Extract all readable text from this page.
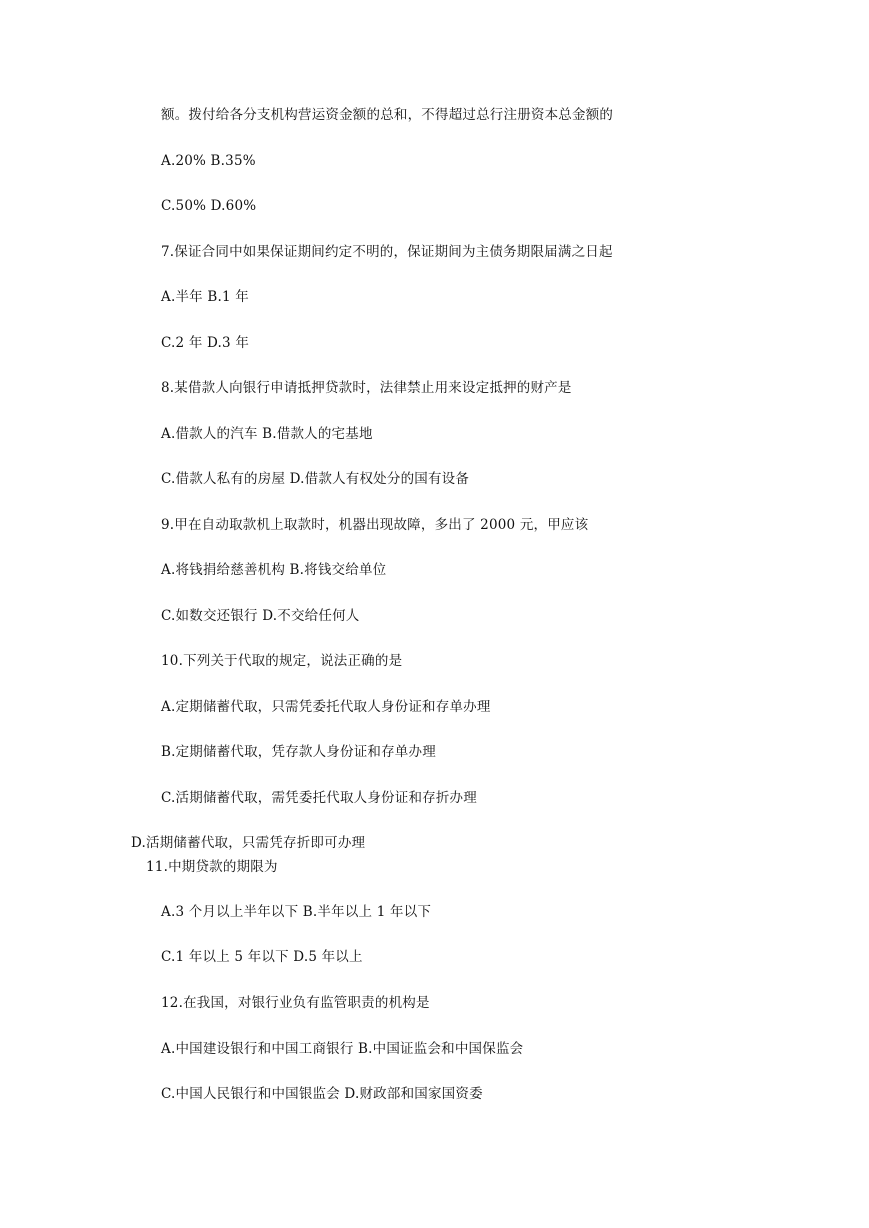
额。拨付给各分支机构营运资金额的总和，不得超过总行注册资本总金额的
A.20% B.35%
C.50% D.60%
7.保证合同中如果保证期间约定不明的，保证期间为主债务期限届满之日起
A.半年 B.1 年
C.2 年 D.3 年
8.某借款人向银行申请抵押贷款时，法律禁止用来设定抵押的财产是
A.借款人的汽车 B.借款人的宅基地
C.借款人私有的房屋 D.借款人有权处分的国有设备
9.甲在自动取款机上取款时，机器出现故障，多出了 2000 元，甲应该
A.将钱捐给慈善机构 B.将钱交给单位
C.如数交还银行 D.不交给任何人
10.下列关于代取的规定，说法正确的是
A.定期储蓄代取，只需凭委托代取人身份证和存单办理
B.定期储蓄代取，凭存款人身份证和存单办理
C.活期储蓄代取，需凭委托代取人身份证和存折办理
D.活期储蓄代取，只需凭存折即可办理
11.中期贷款的期限为
A.3 个月以上半年以下 B.半年以上 1 年以下
C.1 年以上 5 年以下 D.5 年以上
12.在我国，对银行业负有监管职责的机构是
A.中国建设银行和中国工商银行 B.中国证监会和中国保监会
C.中国人民银行和中国银监会 D.财政部和国家国资委
